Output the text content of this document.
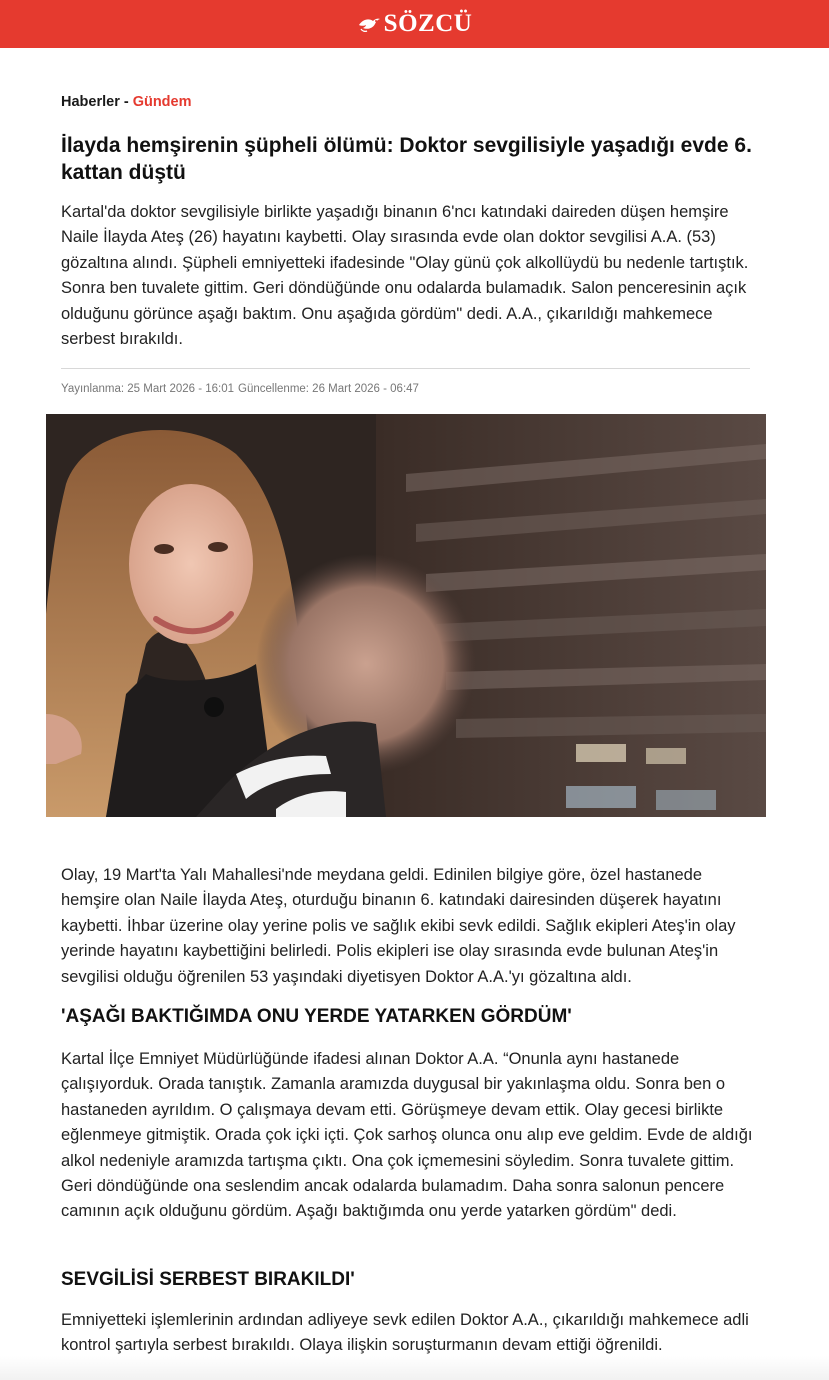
SÖZCÜ
Haberler - Gündem
İlayda hemşirenin şüpheli ölümü: Doktor sevgilisiyle yaşadığı evde 6. kattan düştü

Kartal'da doktor sevgilisiyle birlikte yaşadığı binanın 6'ncı katındaki daireden düşen hemşire Naile İlayda Ateş (26) hayatını kaybetti. Olay sırasında evde olan doktor sevgilisi A.A. (53) gözaltına alındı. Şüpheli emniyetteki ifadesinde "Olay günü çok alkollüydü bu nedenle tartıştık. Sonra ben tuvalete gittim. Geri döndüğünde onu odalarda bulamadık. Salon penceresinin açık olduğunu görünce aşağı baktım. Onu aşağıda gördüm" dedi. A.A., çıkarıldığı mahkemece serbest bırakıldı.

Yayınlanma: 25 Mart 2026 - 16:01 Güncellenme: 26 Mart 2026 - 06:47

Olay, 19 Mart'ta Yalı Mahallesi'nde meydana geldi. Edinilen bilgiye göre, özel hastanede hemşire olan Naile İlayda Ateş, oturduğu binanın 6. katındaki dairesinden düşerek hayatını kaybetti. İhbar üzerine olay yerine polis ve sağlık ekibi sevk edildi. Sağlık ekipleri Ateş'in olay yerinde hayatını kaybettiğini belirledi. Polis ekipleri ise olay sırasında evde bulunan Ateş'in sevgilisi olduğu öğrenilen 53 yaşındaki diyetisyen Doktor A.A.'yı gözaltına aldı.

'AŞAĞI BAKTIĞIMDA ONU YERDE YATARKEN GÖRDÜM'

Kartal İlçe Emniyet Müdürlüğünde ifadesi alınan Doktor A.A. “Onunla aynı hastanede çalışıyorduk. Orada tanıştık. Zamanla aramızda duygusal bir yakınlaşma oldu. Sonra ben o hastaneden ayrıldım. O çalışmaya devam etti. Görüşmeye devam ettik. Olay gecesi birlikte eğlenmeye gitmiştik. Orada çok içki içti. Çok sarhoş olunca onu alıp eve geldim. Evde de aldığı alkol nedeniyle aramızda tartışma çıktı. Ona çok içmemesini söyledim. Sonra tuvalete gittim. Geri döndüğünde ona seslendim ancak odalarda bulamadım. Daha sonra salonun pencere camının açık olduğunu gördüm. Aşağı baktığımda onu yerde yatarken gördüm" dedi.

SEVGİLİSİ SERBEST BIRAKILDI'

Emniyetteki işlemlerinin ardından adliyeye sevk edilen Doktor A.A., çıkarıldığı mahkemece adli kontrol şartıyla serbest bırakıldı. Olaya ilişkin soruşturmanın devam ettiği öğrenildi.
